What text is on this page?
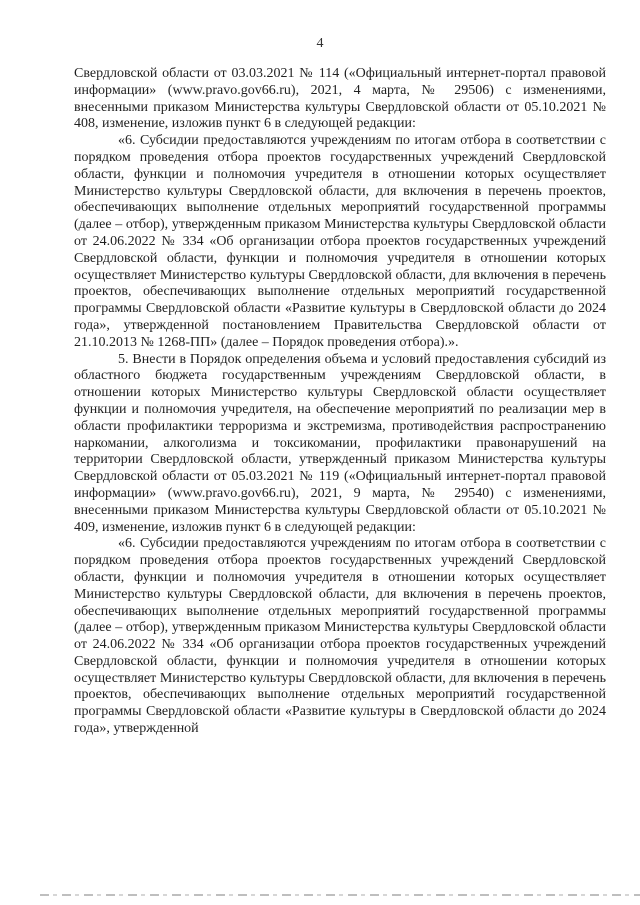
4

Свердловской области от 03.03.2021 № 114 («Официальный интернет-портал правовой информации» (www.pravo.gov66.ru), 2021, 4 марта, № 29506) с изменениями, внесенными приказом Министерства культуры Свердловской области от 05.10.2021 № 408, изменение, изложив пункт 6 в следующей редакции:

«6. Субсидии предоставляются учреждениям по итогам отбора в соответствии с порядком проведения отбора проектов государственных учреждений Свердловской области, функции и полномочия учредителя в отношении которых осуществляет Министерство культуры Свердловской области, для включения в перечень проектов, обеспечивающих выполнение отдельных мероприятий государственной программы (далее – отбор), утвержденным приказом Министерства культуры Свердловской области от 24.06.2022 № 334 «Об организации отбора проектов государственных учреждений Свердловской области, функции и полномочия учредителя в отношении которых осуществляет Министерство культуры Свердловской области, для включения в перечень проектов, обеспечивающих выполнение отдельных мероприятий государственной программы Свердловской области «Развитие культуры в Свердловской области до 2024 года», утвержденной постановлением Правительства Свердловской области от 21.10.2013 № 1268-ПП» (далее – Порядок проведения отбора).».

5. Внести в Порядок определения объема и условий предоставления субсидий из областного бюджета государственным учреждениям Свердловской области, в отношении которых Министерство культуры Свердловской области осуществляет функции и полномочия учредителя, на обеспечение мероприятий по реализации мер в области профилактики терроризма и экстремизма, противодействия распространению наркомании, алкоголизма и токсикомании, профилактики правонарушений на территории Свердловской области, утвержденный приказом Министерства культуры Свердловской области от 05.03.2021 № 119 («Официальный интернет-портал правовой информации» (www.pravo.gov66.ru), 2021, 9 марта, № 29540) с изменениями, внесенными приказом Министерства культуры Свердловской области от 05.10.2021 № 409, изменение, изложив пункт 6 в следующей редакции:

«6. Субсидии предоставляются учреждениям по итогам отбора в соответствии с порядком проведения отбора проектов государственных учреждений Свердловской области, функции и полномочия учредителя в отношении которых осуществляет Министерство культуры Свердловской области, для включения в перечень проектов, обеспечивающих выполнение отдельных мероприятий государственной программы (далее – отбор), утвержденным приказом Министерства культуры Свердловской области от 24.06.2022 № 334 «Об организации отбора проектов государственных учреждений Свердловской области, функции и полномочия учредителя в отношении которых осуществляет Министерство культуры Свердловской области, для включения в перечень проектов, обеспечивающих выполнение отдельных мероприятий государственной программы Свердловской области «Развитие культуры в Свердловской области до 2024 года», утвержденной
